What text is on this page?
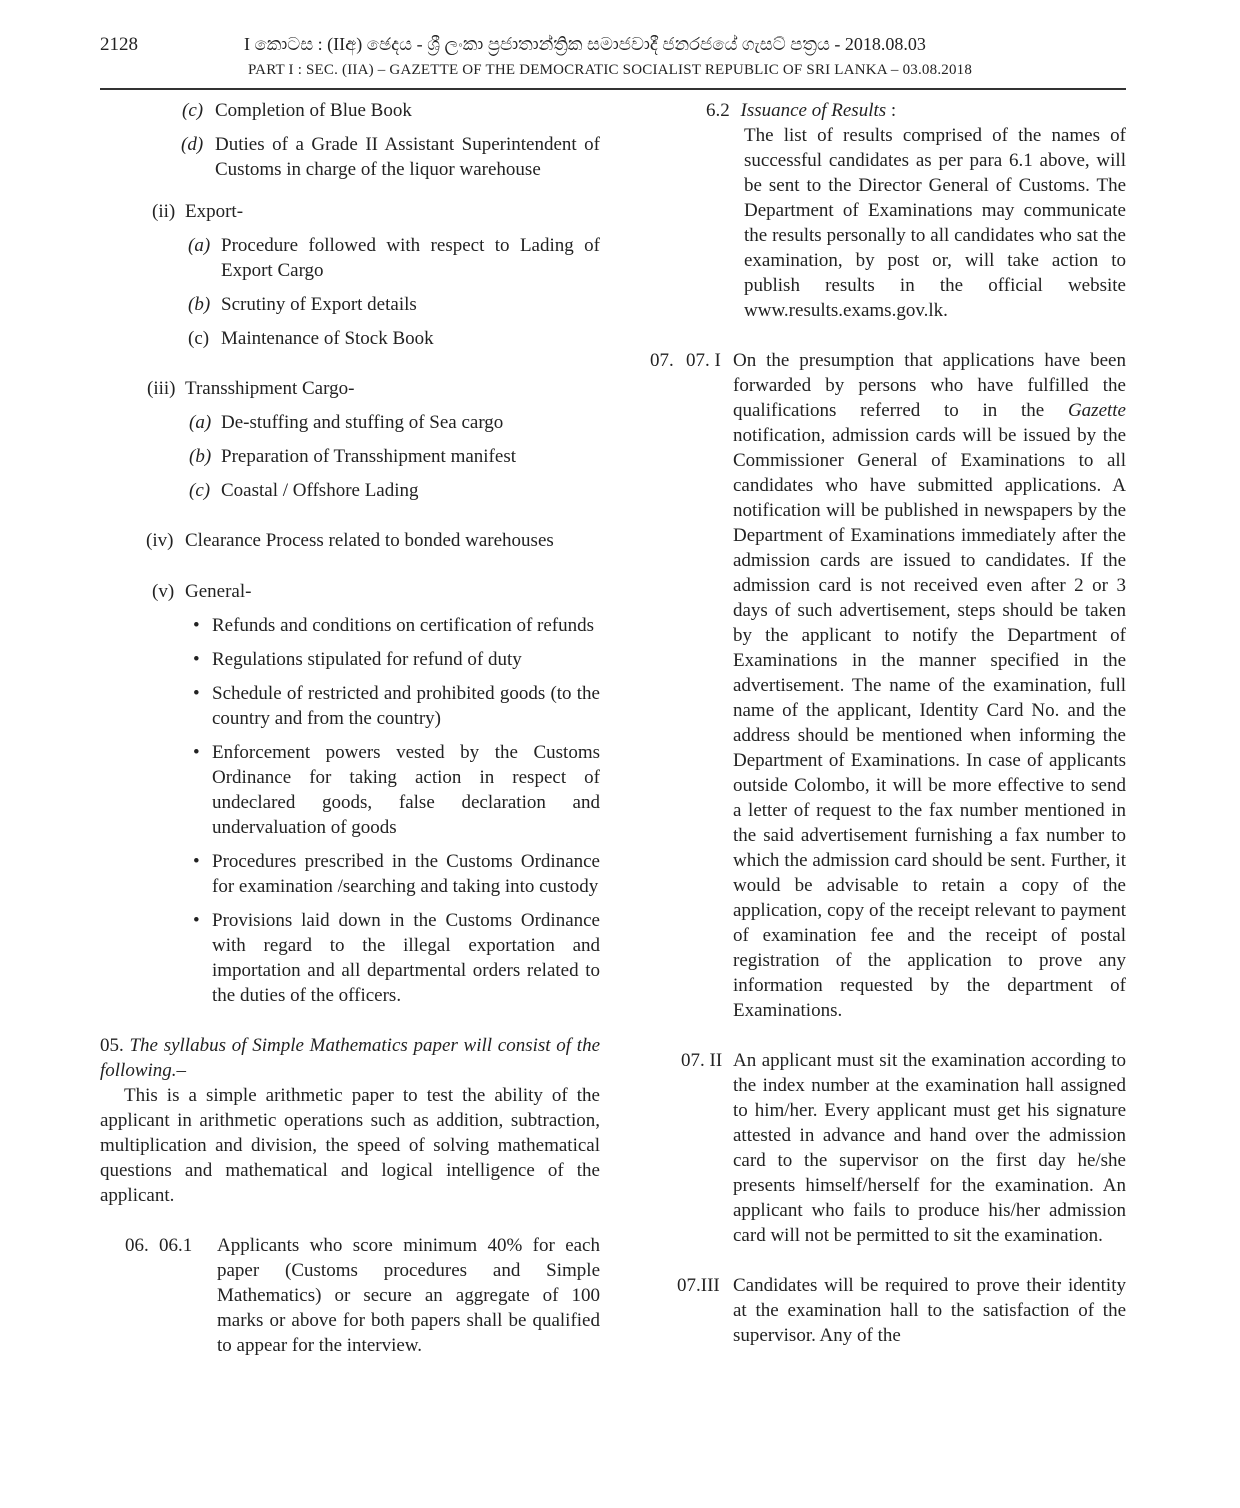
2128	I කොටස : (IIඅ) ඡෙදය - ශ්‍රී ලංකා ප්‍රජාතාන්ත්‍රික සමාජවාදී ජනරජයේ ගැසට් පත්‍රය - 2018.08.03
PART I : SEC. (IIA) – GAZETTE OF THE DEMOCRATIC SOCIALIST REPUBLIC OF SRI LANKA – 03.08.2018
(c) Completion of Blue Book
(d) Duties of a Grade II Assistant Superintendent of Customs in charge of the liquor warehouse
(ii) Export-
(a) Procedure followed with respect to Lading of Export Cargo
(b) Scrutiny of Export details
(c) Maintenance of Stock Book
(iii) Transshipment Cargo-
(a) De-stuffing and stuffing of Sea cargo
(b) Preparation of Transshipment manifest
(c) Coastal / Offshore Lading
(iv) Clearance Process related to bonded warehouses
(v) General-
• Refunds and conditions on certification of refunds
• Regulations stipulated for refund of duty
• Schedule of restricted and prohibited goods (to the country and from the country)
• Enforcement powers vested by the Customs Ordinance for taking action in respect of undeclared goods, false declaration and undervaluation of goods
• Procedures prescribed in the Customs Ordinance for examination /searching and taking into custody
• Provisions laid down in the Customs Ordinance with regard to the illegal exportation and importation and all departmental orders related to the duties of the officers.
05. The syllabus of Simple Mathematics paper will consist of the following.–
This is a simple arithmetic paper to test the ability of the applicant in arithmetic operations such as addition, subtraction, multiplication and division, the speed of solving mathematical questions and mathematical and logical intelligence of the applicant.
06. 06.1 Applicants who score minimum 40% for each paper (Customs procedures and Simple Mathematics) or secure an aggregate of 100 marks or above for both papers shall be qualified to appear for the interview.
6.2 Issuance of Results :
The list of results comprised of the names of successful candidates as per para 6.1 above, will be sent to the Director General of Customs. The Department of Examinations may communicate the results personally to all candidates who sat the examination, by post or, will take action to publish results in the official website www.results.exams.gov.lk.
07. 07. I On the presumption that applications have been forwarded by persons who have fulfilled the qualifications referred to in the Gazette notification, admission cards will be issued by the Commissioner General of Examinations to all candidates who have submitted applications. A notification will be published in newspapers by the Department of Examinations immediately after the admission cards are issued to candidates. If the admission card is not received even after 2 or 3 days of such advertisement, steps should be taken by the applicant to notify the Department of Examinations in the manner specified in the advertisement. The name of the examination, full name of the applicant, Identity Card No. and the address should be mentioned when informing the Department of Examinations. In case of applicants outside Colombo, it will be more effective to send a letter of request to the fax number mentioned in the said advertisement furnishing a fax number to which the admission card should be sent. Further, it would be advisable to retain a copy of the application, copy of the receipt relevant to payment of examination fee and the receipt of postal registration of the application to prove any information requested by the department of Examinations.
07. II An applicant must sit the examination according to the index number at the examination hall assigned to him/her. Every applicant must get his signature attested in advance and hand over the admission card to the supervisor on the first day he/she presents himself/herself for the examination. An applicant who fails to produce his/her admission card will not be permitted to sit the examination.
07.III Candidates will be required to prove their identity at the examination hall to the satisfaction of the supervisor. Any of the
